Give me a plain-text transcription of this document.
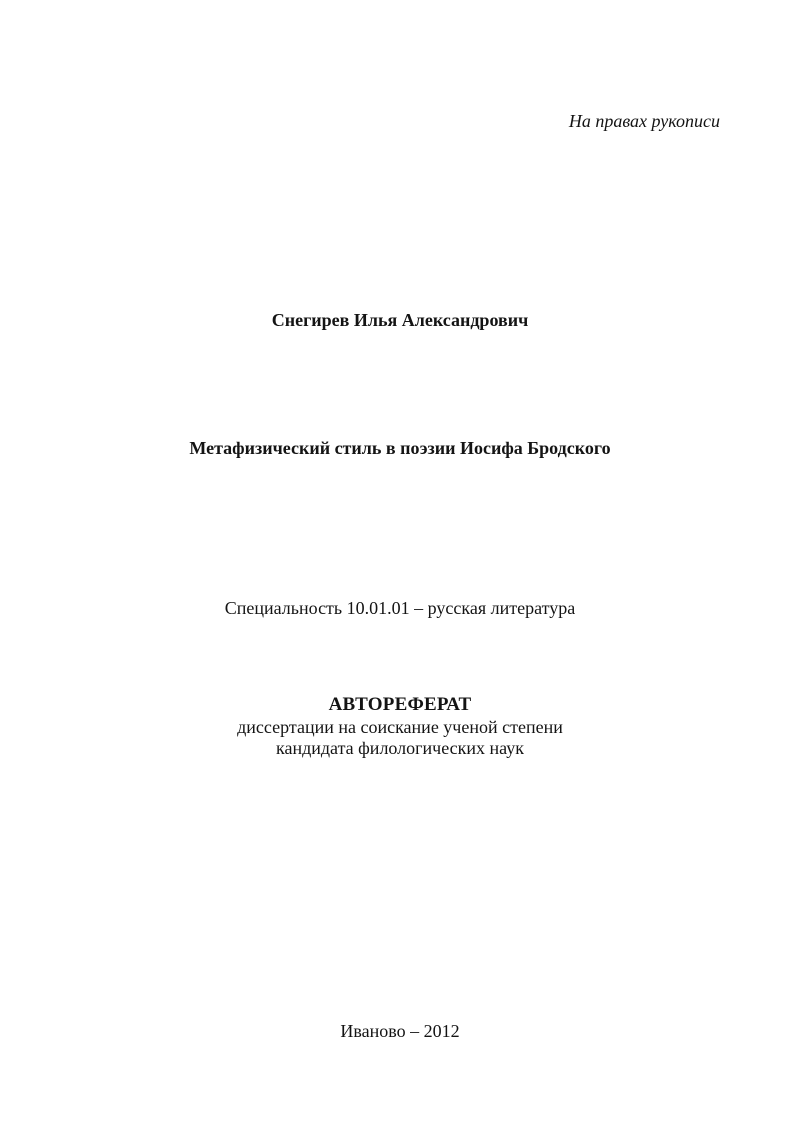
На правах рукописи
Снегирев Илья Александрович
Метафизический стиль в поэзии Иосифа Бродского
Специальность 10.01.01 – русская литература
АВТОРЕФЕРАТ
диссертации на соискание ученой степени
кандидата филологических наук
Иваново – 2012
